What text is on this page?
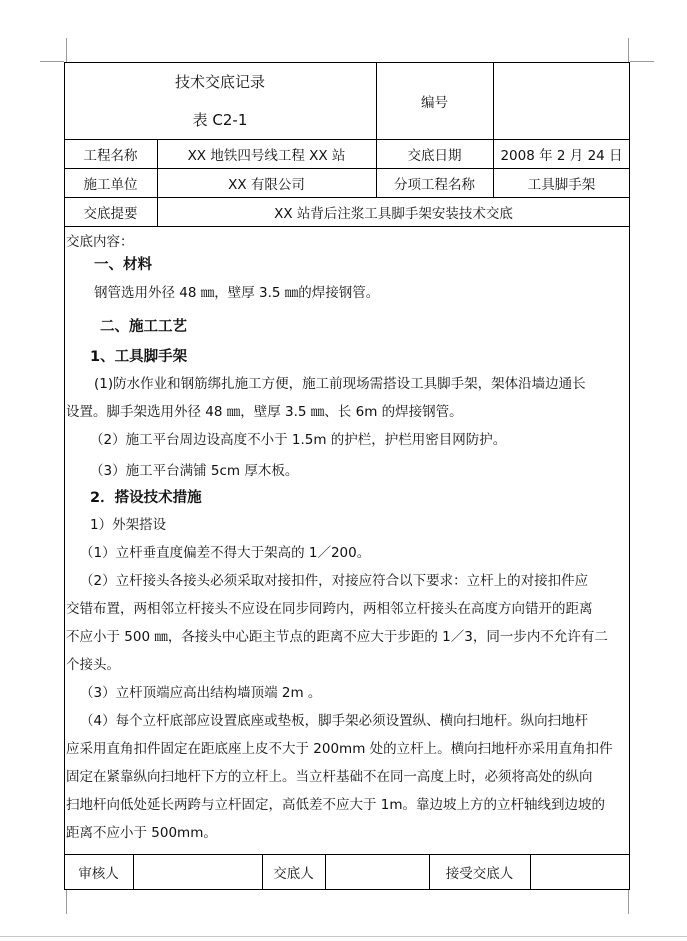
技术交底记录
表 C2-1
编号
工程名称	XX 地铁四号线工程 XX 站	交底日期	2008 年 2 月 24 日
施工单位	XX 有限公司	分项工程名称	工具脚手架
交底提要	XX 站背后注浆工具脚手架安装技术交底
交底内容：
一、材料
钢管选用外径 48 ㎜，壁厚 3.5 ㎜的焊接钢管。
二、施工工艺
1、工具脚手架
(1)防水作业和钢筋绑扎施工方便，施工前现场需搭设工具脚手架，架体沿墙边通长
设置。脚手架选用外径 48 ㎜，壁厚 3.5 ㎜、长 6m 的焊接钢管。
（2）施工平台周边设高度不小于 1.5m 的护栏，护栏用密目网防护。
（3）施工平台满铺 5cm 厚木板。
2．搭设技术措施
1）外架搭设
（1）立杆垂直度偏差不得大于架高的 1／200。
（2）立杆接头各接头必须采取对接扣件，对接应符合以下要求：立杆上的对接扣件应
交错布置，两相邻立杆接头不应设在同步同跨内，两相邻立杆接头在高度方向错开的距离
不应小于 500 ㎜，各接头中心距主节点的距离不应大于步距的 1／3，同一步内不允许有二
个接头。
（3）立杆顶端应高出结构墙顶端 2m 。
（4）每个立杆底部应设置底座或垫板，脚手架必须设置纵、横向扫地杆。纵向扫地杆
应采用直角扣件固定在距底座上皮不大于 200mm 处的立杆上。横向扫地杆亦采用直角扣件
固定在紧靠纵向扫地杆下方的立杆上。当立杆基础不在同一高度上时，必须将高处的纵向
扫地杆向低处延长两跨与立杆固定，高低差不应大于 1m。靠边坡上方的立杆轴线到边坡的
距离不应小于 500mm。
审核人	交底人	接受交底人
